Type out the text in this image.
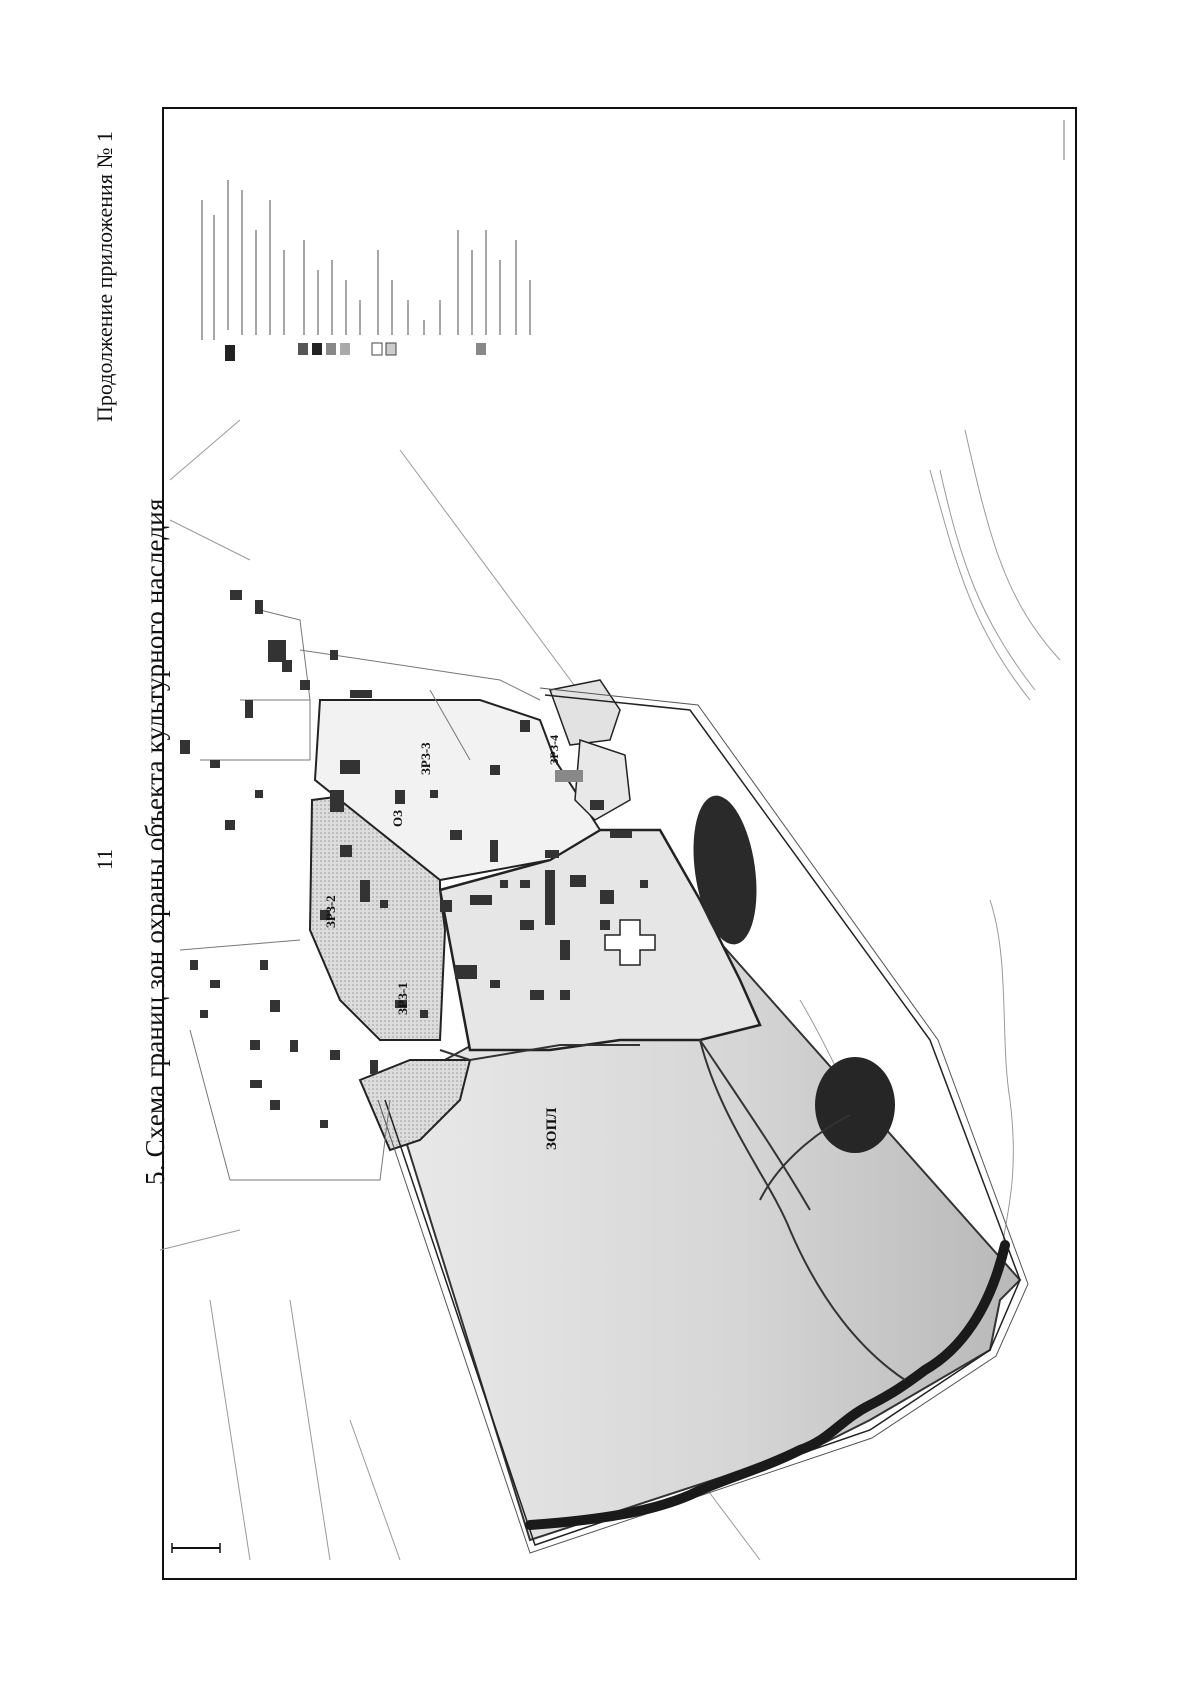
11 5. Схема границ зон охраны объекта культурного наследия
Продолжение приложения № 1
ЗРЗ-1
ЗРЗ-2
ЗРЗ-3	ЗРЗ-4
ОЗ
ЗОПЛ
